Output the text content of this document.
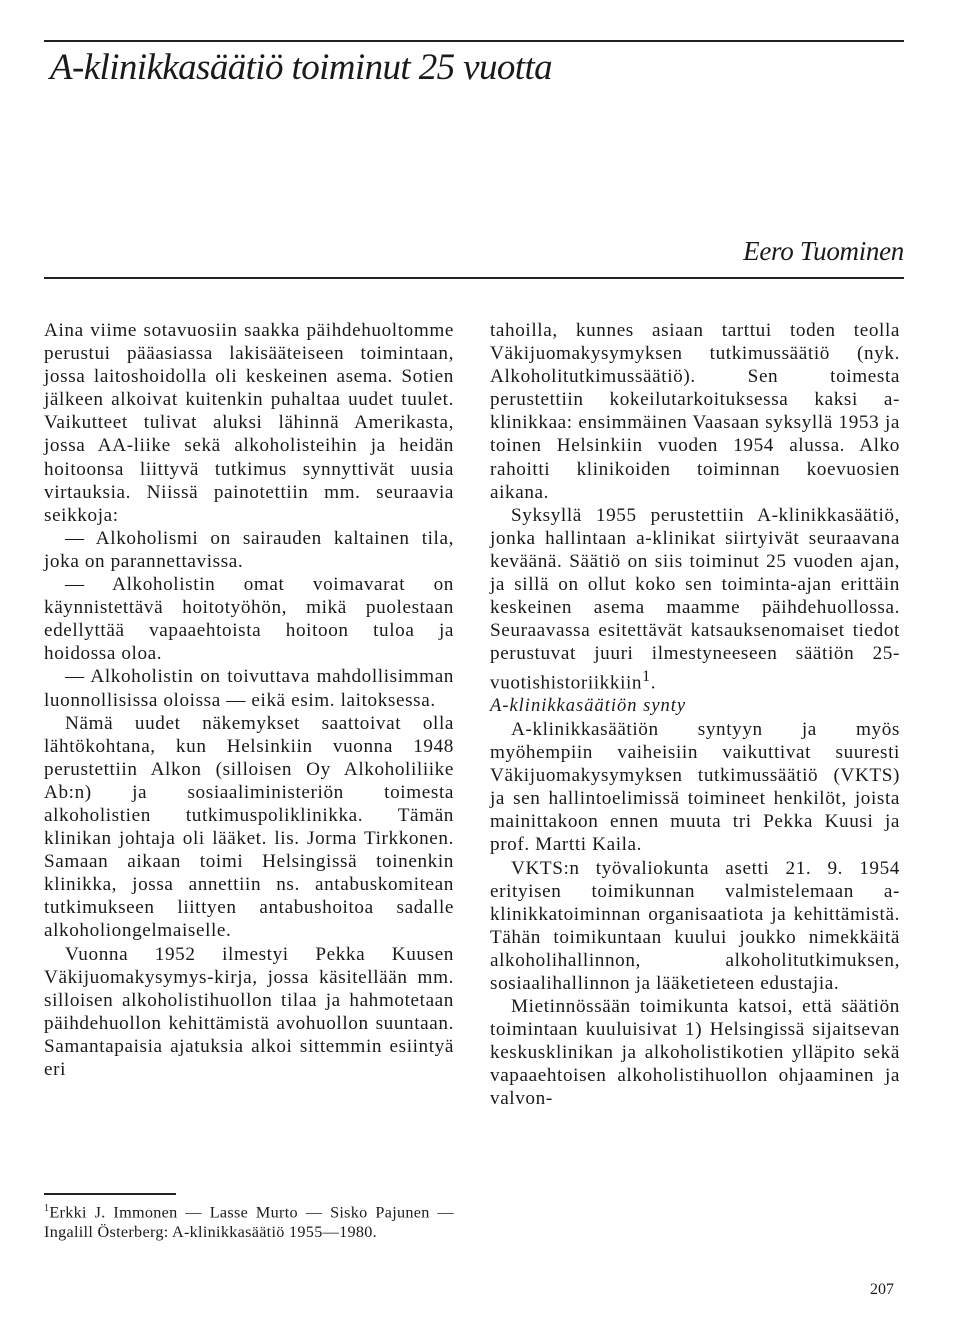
A-klinikkasäätiö toiminut 25 vuotta
Eero Tuominen

Aina viime sotavuosiin saakka päihdehuoltomme perustui pääasiassa lakisääteiseen toimintaan, jossa laitoshoidolla oli keskeinen asema. Sotien jälkeen alkoivat kuitenkin puhaltaa uudet tuulet. Vaikutteet tulivat aluksi lähinnä Amerikasta, jossa AA-liike sekä alkoholisteihin ja heidän hoitoonsa liittyvä tutkimus synnyttivät uusia virtauksia. Niissä painotettiin mm. seuraavia seikkoja:

— Alkoholismi on sairauden kaltainen tila, joka on parannettavissa.

— Alkoholistin omat voimavarat on käynnistettävä hoitotyöhön, mikä puolestaan edellyttää vapaaehtoista hoitoon tuloa ja hoidossa oloa.

— Alkoholistin on toivuttava mahdollisimman luonnollisissa oloissa — eikä esim. laitoksessa.

Nämä uudet näkemykset saattoivat olla lähtökohtana, kun Helsinkiin vuonna 1948 perustettiin Alkon (silloisen Oy Alkoholiliike Ab:n) ja sosiaaliministeriön toimesta alkoholistien tutkimuspoliklinikka. Tämän klinikan johtaja oli lääket. lis. Jorma Tirkkonen. Samaan aikaan toimi Helsingissä toinenkin klinikka, jossa annettiin ns. antabuskomitean tutkimukseen liittyen antabushoitoa sadalle alkoholiongelmaiselle.

Vuonna 1952 ilmestyi Pekka Kuusen Väkijuomakysymys-kirja, jossa käsitellään mm. silloisen alkoholistihuollon tilaa ja hahmotetaan päihdehuollon kehittämistä avohuollon suuntaan. Samantapaisia ajatuksia alkoi sittemmin esiintyä eri

tahoilla, kunnes asiaan tarttui toden teolla Väkijuomakysymyksen tutkimussäätiö (nyk. Alkoholitutkimussäätiö). Sen toimesta perustettiin kokeilutarkoituksessa kaksi a-klinikkaa: ensimmäinen Vaasaan syksyllä 1953 ja toinen Helsinkiin vuoden 1954 alussa. Alko rahoitti klinikoiden toiminnan koevuosien aikana.

Syksyllä 1955 perustettiin A-klinikkasäätiö, jonka hallintaan a-klinikat siirtyivät seuraavana keväänä. Säätiö on siis toiminut 25 vuoden ajan, ja sillä on ollut koko sen toiminta-ajan erittäin keskeinen asema maamme päihdehuollossa. Seuraavassa esitettävät katsauksenomaiset tiedot perustuvat juuri ilmestyneeseen säätiön 25-vuotishistoriikkiin$^1$.

A-klinikkasäätiön synty

A-klinikkasäätiön syntyyn ja myös myöhempiin vaiheisiin vaikuttivat suuresti Väkijuomakysymyksen tutkimussäätiö (VKTS) ja sen hallintoelimissä toimineet henkilöt, joista mainittakoon ennen muuta tri Pekka Kuusi ja prof. Martti Kaila.

VKTS:n työvaliokunta asetti 21. 9. 1954 erityisen toimikunnan valmistelemaan a-klinikkatoiminnan organisaatiota ja kehittämistä. Tähän toimikuntaan kuului joukko nimekkäitä alkoholihallinnon, alkoholitutkimuksen, sosiaalihallinnon ja lääketieteen edustajia.

Mietinnössään toimikunta katsoi, että säätiön toimintaan kuuluisivat 1) Helsingissä sijaitsevan keskusklinikan ja alkoholistikotien ylläpito sekä vapaaehtoisen alkoholistihuollon ohjaaminen ja valvon-

$^1$Erkki J. Immonen — Lasse Murto — Sisko Pajunen — Ingalill Österberg: A-klinikkasäätiö 1955—1980.
207
